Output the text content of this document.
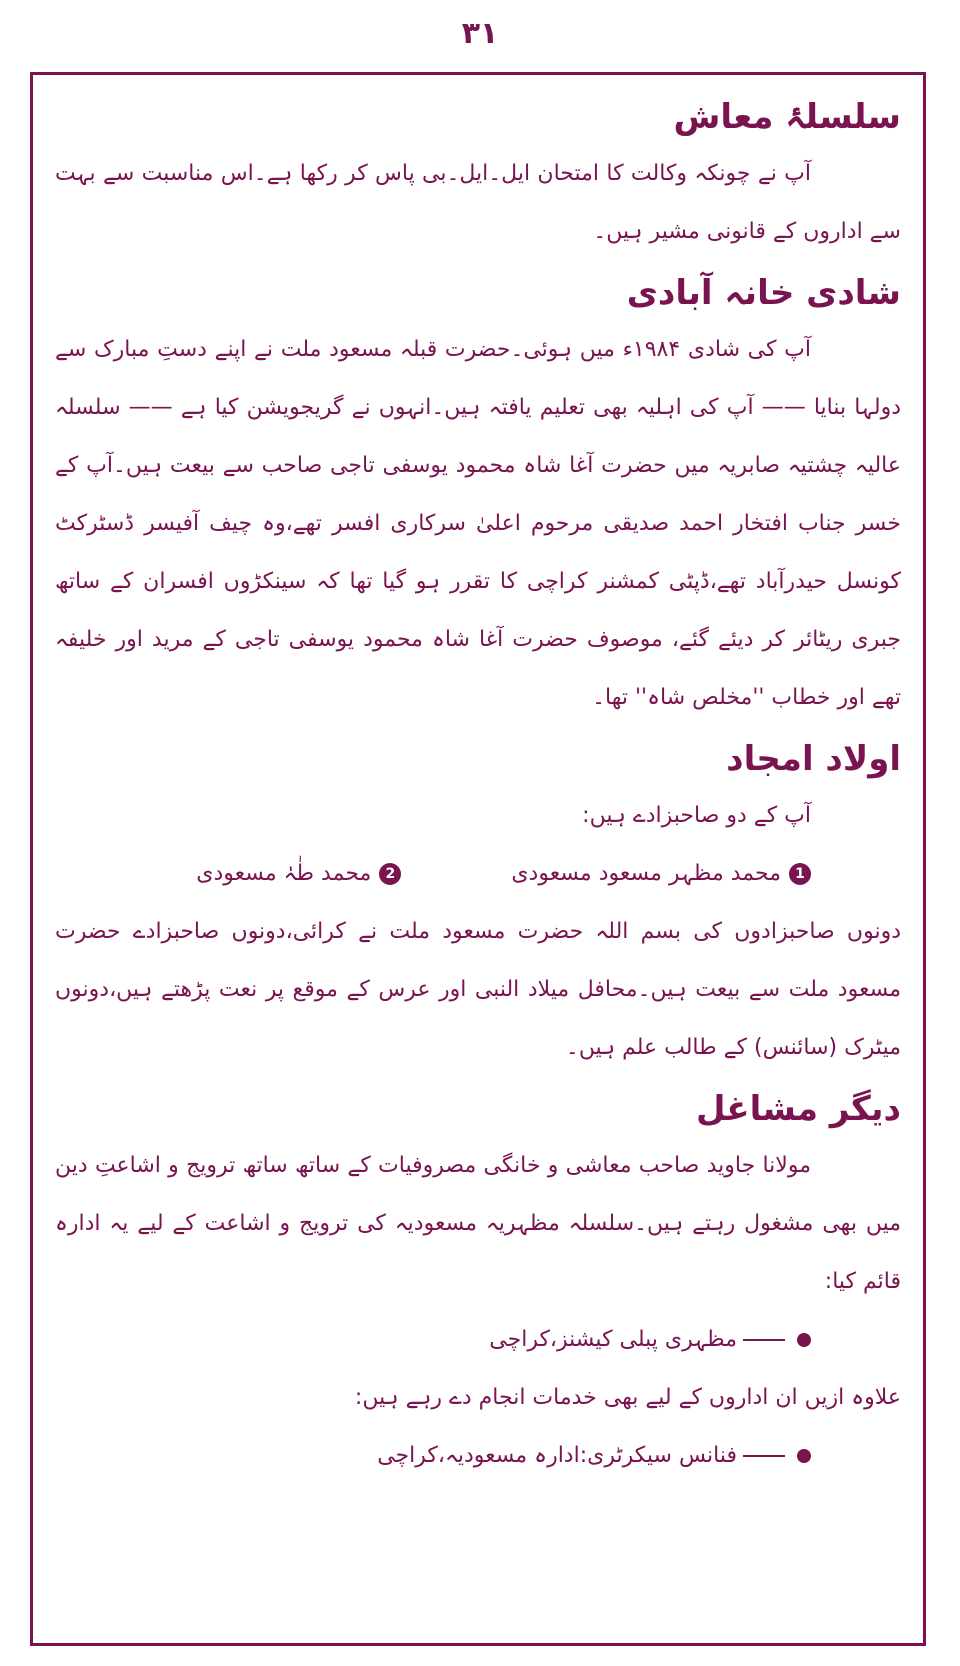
۳۱
سلسلۂ معاش

آپ نے چونکہ وکالت کا امتحان ایل۔ایل۔بی پاس کر رکھا ہے۔اس مناسبت سے بہت سے اداروں کے قانونی مشیر ہیں۔

شادی خانہ آبادی

آپ کی شادی ۱۹۸۴ء میں ہوئی۔حضرت قبلہ مسعود ملت نے اپنے دستِ مبارک سے دولہا بنایا —— آپ کی اہلیہ بھی تعلیم یافتہ ہیں۔انہوں نے گریجویشن کیا ہے —— سلسلہ عالیہ چشتیہ صابریہ میں حضرت آغا شاہ محمود یوسفی تاجی صاحب سے بیعت ہیں۔آپ کے خسر جناب افتخار احمد صدیقی مرحوم اعلیٰ سرکاری افسر تھے،وہ چیف آفیسر ڈسٹرکٹ کونسل حیدرآباد تھے،ڈپٹی کمشنر کراچی کا تقرر ہو گیا تھا کہ سینکڑوں افسران کے ساتھ جبری ریٹائر کر دیئے گئے، موصوف حضرت آغا شاہ محمود یوسفی تاجی کے مرید اور خلیفہ تھے اور خطاب ''مخلص شاہ'' تھا۔

اولاد امجاد

آپ کے دو صاحبزادے ہیں:

1
محمد مظہر مسعود مسعودی
2
محمد طٰہٰ مسعودی

دونوں صاحبزادوں کی بسم اللہ حضرت مسعود ملت نے کرائی،دونوں صاحبزادے حضرت مسعود ملت سے بیعت ہیں۔محافل میلاد النبی اور عرس کے موقع پر نعت پڑھتے ہیں،دونوں میٹرک (سائنس) کے طالب علم ہیں۔

دیگر مشاغل

مولانا جاوید صاحب معاشی و خانگی مصروفیات کے ساتھ ساتھ ترویج و اشاعتِ دین میں بھی مشغول رہتے ہیں۔سلسلہ مظہریہ مسعودیہ کی ترویج و اشاعت کے لیے یہ ادارہ قائم کیا:

مظہری پبلی کیشنز،کراچی

علاوہ ازیں ان اداروں کے لیے بھی خدمات انجام دے رہے ہیں:

فنانس سیکرٹری:ادارہ مسعودیہ،کراچی
